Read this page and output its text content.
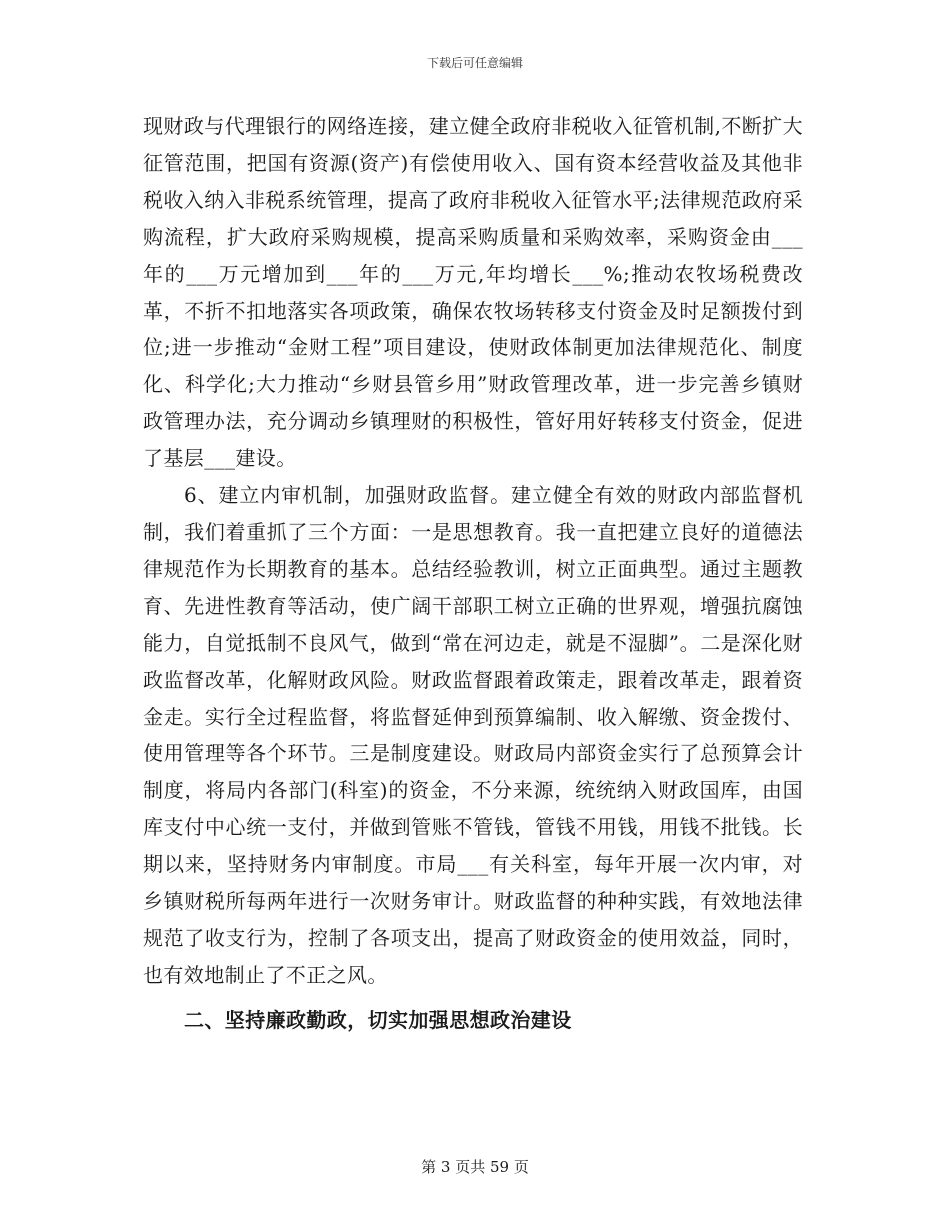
下载后可任意编辑

现财政与代理银行的网络连接，建立健全政府非税收入征管机制,不断扩大征管范围，把国有资源(资产)有偿使用收入、国有资本经营收益及其他非税收入纳入非税系统管理，提高了政府非税收入征管水平;法律规范政府采购流程，扩大政府采购规模，提高采购质量和采购效率，采购资金由___年的___万元增加到___年的___万元,年均增长___%;推动农牧场税费改革，不折不扣地落实各项政策，确保农牧场转移支付资金及时足额拨付到位;进一步推动“金财工程”项目建设，使财政体制更加法律规范化、制度化、科学化;大力推动“乡财县管乡用”财政管理改革，进一步完善乡镇财政管理办法，充分调动乡镇理财的积极性，管好用好转移支付资金，促进了基层___建设。

6、建立内审机制，加强财政监督。建立健全有效的财政内部监督机制，我们着重抓了三个方面：一是思想教育。我一直把建立良好的道德法律规范作为长期教育的基本。总结经验教训，树立正面典型。通过主题教育、先进性教育等活动，使广阔干部职工树立正确的世界观，增强抗腐蚀能力，自觉抵制不良风气，做到“常在河边走，就是不湿脚”。二是深化财政监督改革，化解财政风险。财政监督跟着政策走，跟着改革走，跟着资金走。实行全过程监督，将监督延伸到预算编制、收入解缴、资金拨付、使用管理等各个环节。三是制度建设。财政局内部资金实行了总预算会计制度，将局内各部门(科室)的资金，不分来源，统统纳入财政国库，由国库支付中心统一支付，并做到管账不管钱，管钱不用钱，用钱不批钱。长期以来，坚持财务内审制度。市局___有关科室，每年开展一次内审，对乡镇财税所每两年进行一次财务审计。财政监督的种种实践，有效地法律规范了收支行为，控制了各项支出，提高了财政资金的使用效益，同时，也有效地制止了不正之风。

二、坚持廉政勤政，切实加强思想政治建设

第 3 页共 59 页
